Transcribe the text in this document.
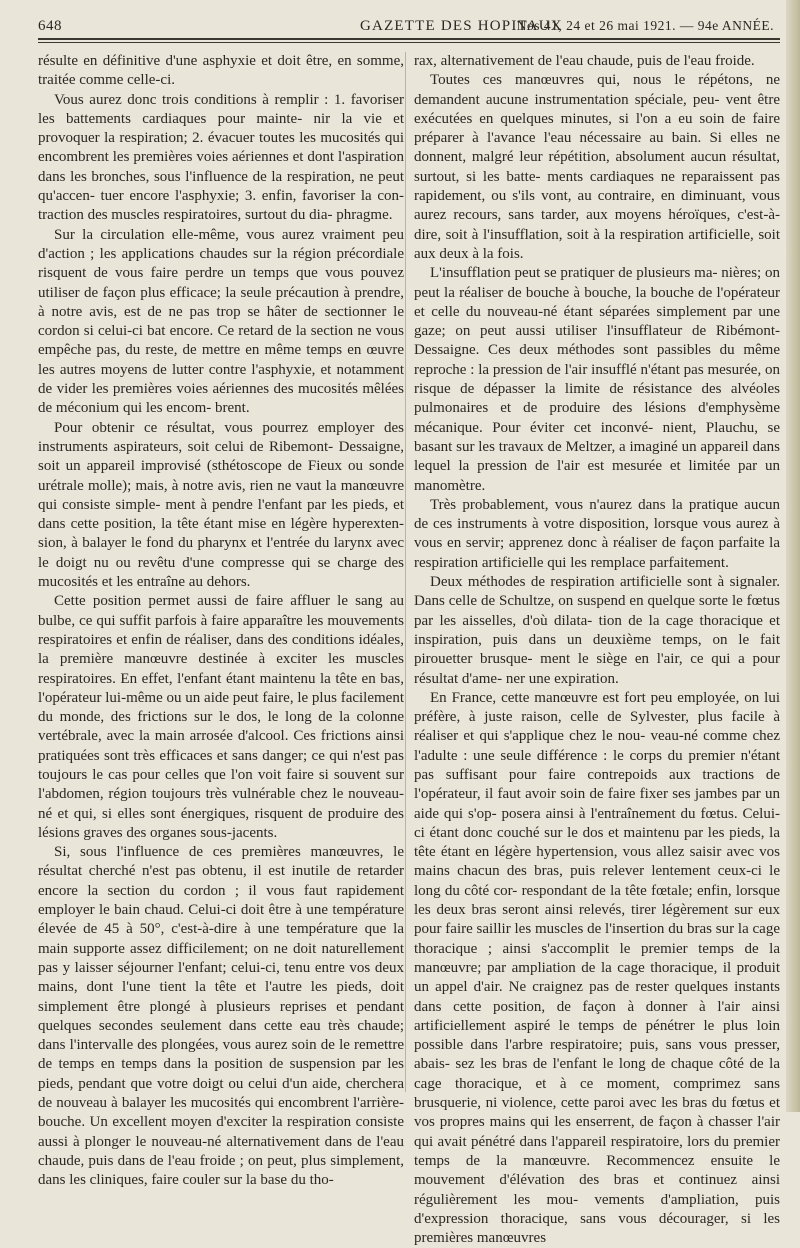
648	GAZETTE DES HOPITAUX
Nos 41, 24 et 26 mai 1921. — 94e ANNÉE.

résulte en définitive d'une asphyxie et doit être, en somme, traitée comme celle-ci.

Vous aurez donc trois conditions à remplir : 1. favoriser les battements cardiaques pour mainte- nir la vie et provoquer la respiration; 2. évacuer toutes les mucosités qui encombrent les premières voies aériennes et dont l'aspiration dans les bronches, sous l'influence de la respiration, ne peut qu'accen- tuer encore l'asphyxie; 3. enfin, favoriser la con- traction des muscles respiratoires, surtout du dia- phragme.

Sur la circulation elle-même, vous aurez vraiment peu d'action ; les applications chaudes sur la région précordiale risquent de vous faire perdre un temps que vous pouvez utiliser de façon plus efficace; la seule précaution à prendre, à notre avis, est de ne pas trop se hâter de sectionner le cordon si celui-ci bat encore. Ce retard de la section ne vous empêche pas, du reste, de mettre en même temps en œuvre les autres moyens de lutter contre l'asphyxie, et notamment de vider les premières voies aériennes des mucosités mêlées de méconium qui les encom- brent.

Pour obtenir ce résultat, vous pourrez employer des instruments aspirateurs, soit celui de Ribemont- Dessaigne, soit un appareil improvisé (sthétoscope de Fieux ou sonde urétrale molle); mais, à notre avis, rien ne vaut la manœuvre qui consiste simple- ment à pendre l'enfant par les pieds, et dans cette position, la tête étant mise en légère hyperexten- sion, à balayer le fond du pharynx et l'entrée du larynx avec le doigt nu ou revêtu d'une compresse qui se charge des mucosités et les entraîne au dehors.

Cette position permet aussi de faire affluer le sang au bulbe, ce qui suffit parfois à faire apparaître les mouvements respiratoires et enfin de réaliser, dans des conditions idéales, la première manœuvre destinée à exciter les muscles respiratoires. En effet, l'enfant étant maintenu la tête en bas, l'opérateur lui-même ou un aide peut faire, le plus facilement du monde, des frictions sur le dos, le long de la colonne vertébrale, avec la main arrosée d'alcool. Ces frictions ainsi pratiquées sont très efficaces et sans danger; ce qui n'est pas toujours le cas pour celles que l'on voit faire si souvent sur l'abdomen, région toujours très vulnérable chez le nouveau-né et qui, si elles sont énergiques, risquent de produire des lésions graves des organes sous-jacents.

Si, sous l'influence de ces premières manœuvres, le résultat cherché n'est pas obtenu, il est inutile de retarder encore la section du cordon ; il vous faut rapidement employer le bain chaud. Celui-ci doit être à une température élevée de 45 à 50°, c'est-à-dire à une température que la main supporte assez difficilement; on ne doit naturellement pas y laisser séjourner l'enfant; celui-ci, tenu entre vos deux mains, dont l'une tient la tête et l'autre les pieds, doit simplement être plongé à plusieurs reprises et pendant quelques secondes seulement dans cette eau très chaude; dans l'intervalle des plongées, vous aurez soin de le remettre de temps en temps dans la position de suspension par les pieds, pendant que votre doigt ou celui d'un aide, cherchera de nouveau à balayer les mucosités qui encombrent l'arrière-bouche. Un excellent moyen d'exciter la respiration consiste aussi à plonger le nouveau-né alternativement dans de l'eau chaude, puis dans de l'eau froide ; on peut, plus simplement, dans les cliniques, faire couler sur la base du tho-

rax, alternativement de l'eau chaude, puis de l'eau froide.

Toutes ces manœuvres qui, nous le répétons, ne demandent aucune instrumentation spéciale, peu- vent être exécutées en quelques minutes, si l'on a eu soin de faire préparer à l'avance l'eau nécessaire au bain. Si elles ne donnent, malgré leur répétition, absolument aucun résultat, surtout, si les batte- ments cardiaques ne reparaissent pas rapidement, ou s'ils vont, au contraire, en diminuant, vous aurez recours, sans tarder, aux moyens héroïques, c'est-à-dire, soit à l'insufflation, soit à la respiration artificielle, soit aux deux à la fois.

L'insufflation peut se pratiquer de plusieurs ma- nières; on peut la réaliser de bouche à bouche, la bouche de l'opérateur et celle du nouveau-né étant séparées simplement par une gaze; on peut aussi utiliser l'insufflateur de Ribémont-Dessaigne. Ces deux méthodes sont passibles du même reproche : la pression de l'air insufflé n'étant pas mesurée, on risque de dépasser la limite de résistance des alvéoles pulmonaires et de produire des lésions d'emphysème mécanique. Pour éviter cet inconvé- nient, Plauchu, se basant sur les travaux de Meltzer, a imaginé un appareil dans lequel la pression de l'air est mesurée et limitée par un manomètre.

Très probablement, vous n'aurez dans la pratique aucun de ces instruments à votre disposition, lorsque vous aurez à vous en servir; apprenez donc à réaliser de façon parfaite la respiration artificielle qui les remplace parfaitement.

Deux méthodes de respiration artificielle sont à signaler. Dans celle de Schultze, on suspend en quelque sorte le fœtus par les aisselles, d'où dilata- tion de la cage thoracique et inspiration, puis dans un deuxième temps, on le fait pirouetter brusque- ment le siège en l'air, ce qui a pour résultat d'ame- ner une expiration.

En France, cette manœuvre est fort peu employée, on lui préfère, à juste raison, celle de Sylvester, plus facile à réaliser et qui s'applique chez le nou- veau-né comme chez l'adulte : une seule différence : le corps du premier n'étant pas suffisant pour faire contrepoids aux tractions de l'opérateur, il faut avoir soin de faire fixer ses jambes par un aide qui s'op- posera ainsi à l'entraînement du fœtus. Celui-ci étant donc couché sur le dos et maintenu par les pieds, la tête étant en légère hypertension, vous allez saisir avec vos mains chacun des bras, puis relever lentement ceux-ci le long du côté cor- respondant de la tête fœtale; enfin, lorsque les deux bras seront ainsi relevés, tirer légèrement sur eux pour faire saillir les muscles de l'insertion du bras sur la cage thoracique ; ainsi s'accomplit le premier temps de la manœuvre; par ampliation de la cage thoracique, il produit un appel d'air. Ne craignez pas de rester quelques instants dans cette position, de façon à donner à l'air ainsi artificiellement aspiré le temps de pénétrer le plus loin possible dans l'arbre respiratoire; puis, sans vous presser, abais- sez les bras de l'enfant le long de chaque côté de la cage thoracique, et à ce moment, comprimez sans brusquerie, ni violence, cette paroi avec les bras du fœtus et vos propres mains qui les enserrent, de façon à chasser l'air qui avait pénétré dans l'appareil respiratoire, lors du premier temps de la manœuvre. Recommencez ensuite le mouvement d'élévation des bras et continuez ainsi régulièrement les mou- vements d'ampliation, puis d'expression thoracique, sans vous décourager, si les premières manœuvres
